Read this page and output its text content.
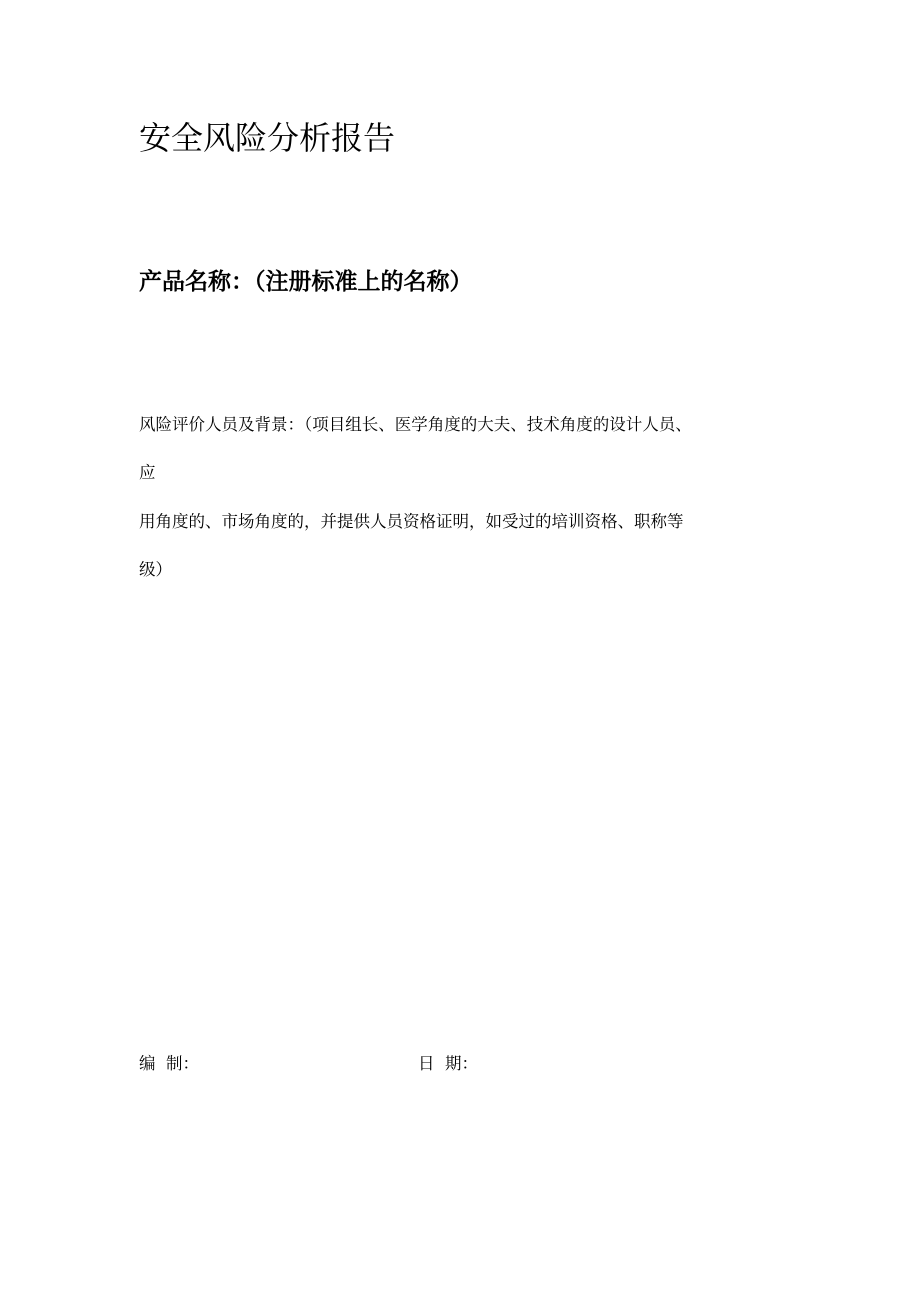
安全风险分析报告
产品名称：（注册标准上的名称）

风险评价人员及背景：（项目组长、医学角度的大夫、技术角度的设计人员、

应

用角度的、市场角度的，并提供人员资格证明，如受过的培训资格、职称等

级）

编  制：	日  期：
